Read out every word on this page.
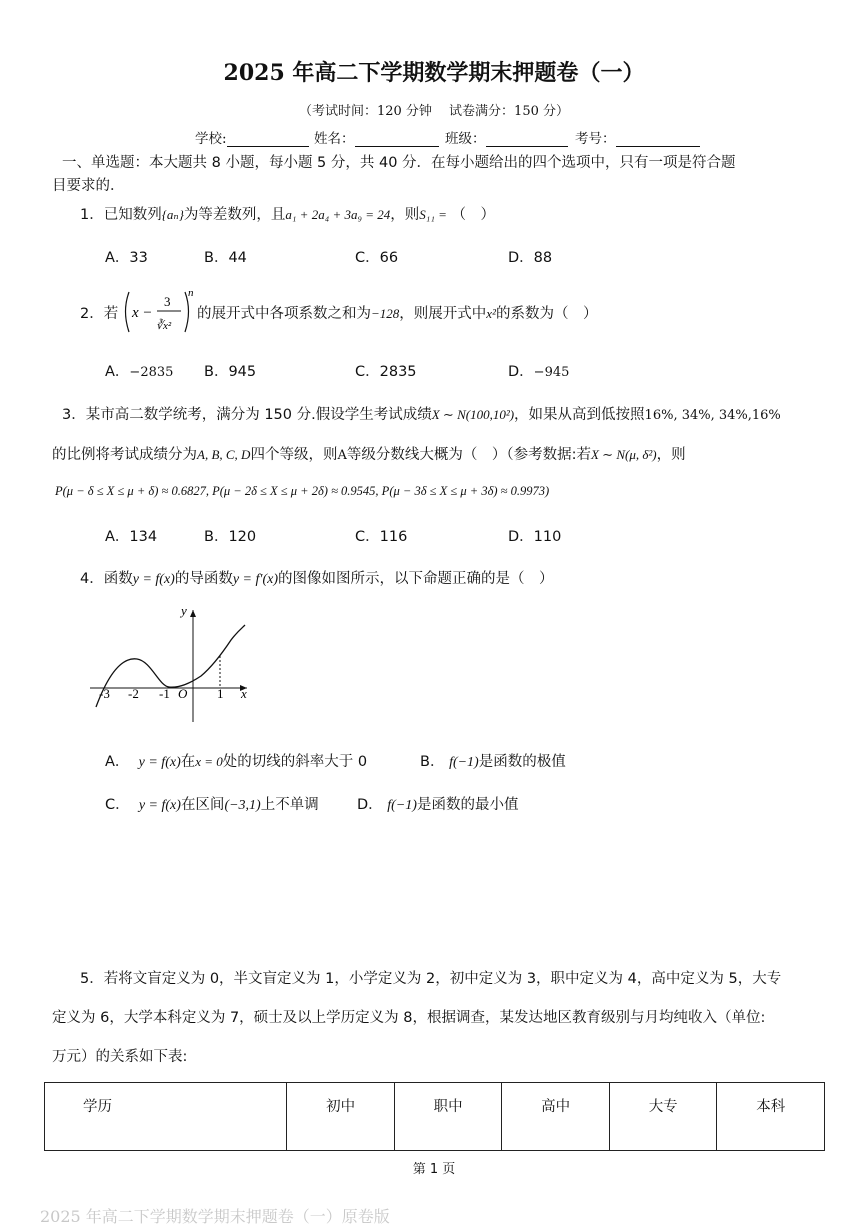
2025 年高二下学期数学期末押题卷（一）
（考试时间：120 分钟　 试卷满分：150 分）
学校:	姓名：	班级：	考号：
一、单选题：本大题共 8 小题，每小题 5 分，共 40 分．在每小题给出的四个选项中，只有一项是符合题
目要求的．
1．已知数列{aₙ}为等差数列，且a₁ + 2a₄ + 3a₉ = 24，则S₁₁ = （　）
A．33	B．44	C．66	D．88
2．若 x −
3
∛x²
n
的展开式中各项系数之和为−128，则展开式中x²的系数为（　）
A．−2835 B．945	C．2835	D．−945
3．某市高二数学统考，满分为 150 分.假设学生考试成绩X ∼ N(100,10²)，如果从高到低按照16%, 34%, 34%,16%
的比例将考试成绩分为A, B, C, D四个等级，则A等级分数线大概为（　）（参考数据:若X ∼ N(μ, δ²)，则
P(μ − δ ≤ X ≤ μ + δ) ≈ 0.6827, P(μ − 2δ ≤ X ≤ μ + 2δ) ≈ 0.9545, P(μ − 3δ ≤ X ≤ μ + 3δ) ≈ 0.9973)
A．134	B．120	C．116	D．110
4．函数y = f(x)的导函数y = f′(x)的图像如图所示，以下命题正确的是（　）
y
x
O
-3 -2 -1	1
A． y = f(x)在x = 0处的切线的斜率大于 0	B． f(−1)是函数的极值
C． y = f(x)在区间(−3,1)上不单调	D． f(−1)是函数的最小值
5．若将文盲定义为 0，半文盲定义为 1，小学定义为 2，初中定义为 3，职中定义为 4，高中定义为 5，大专
定义为 6，大学本科定义为 7，硕士及以上学历定义为 8，根据调查，某发达地区教育级别与月均纯收入（单位:
万元）的关系如下表:
学历	初中	职中	高中	大专	本科
第 1 页
2025 年高二下学期数学期末押题卷（一）原卷版
